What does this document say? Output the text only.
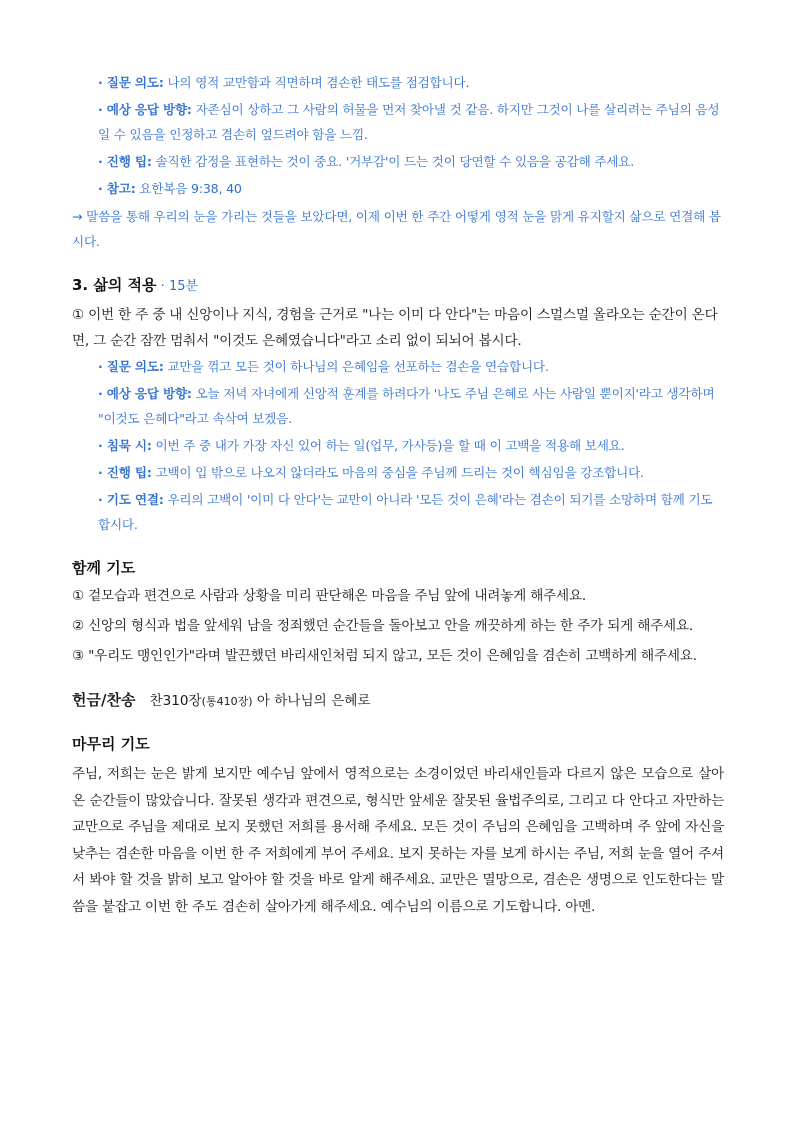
· 질문 의도: 나의 영적 교만함과 직면하며 겸손한 태도를 점검합니다.
· 예상 응답 방향: 자존심이 상하고 그 사람의 허물을 먼저 찾아낼 것 같음. 하지만 그것이 나를 살리려는 주님의 음성일 수 있음을 인정하고 겸손히 엎드려야 함을 느낌.
· 진행 팁: 솔직한 감정을 표현하는 것이 중요. '거부감'이 드는 것이 당연할 수 있음을 공감해 주세요.
· 참고: 요한복음 9:38, 40
→ 말씀을 통해 우리의 눈을 가리는 것들을 보았다면, 이제 이번 한 주간 어떻게 영적 눈을 맑게 유지할지 삶으로 연결해 봅시다.
3. 삶의 적용 · 15분
① 이번 한 주 중 내 신앙이나 지식, 경험을 근거로 "나는 이미 다 안다"는 마음이 스멀스멀 올라오는 순간이 온다면, 그 순간 잠깐 멈춰서 "이것도 은혜였습니다"라고 소리 없이 되뇌어 봅시다.
· 질문 의도: 교만을 꺾고 모든 것이 하나님의 은혜임을 선포하는 겸손을 연습합니다.
· 예상 응답 방향: 오늘 저녁 자녀에게 신앙적 훈계를 하려다가 '나도 주님 은혜로 사는 사람일 뿐이지'라고 생각하며 "이것도 은혜다"라고 속삭여 보겠음.
· 침묵 시: 이번 주 중 내가 가장 자신 있어 하는 일(업무, 가사등)을 할 때 이 고백을 적용해 보세요.
· 진행 팁: 고백이 입 밖으로 나오지 않더라도 마음의 중심을 주님께 드리는 것이 핵심임을 강조합니다.
· 기도 연결: 우리의 고백이 '이미 다 안다'는 교만이 아니라 '모든 것이 은혜'라는 겸손이 되기를 소망하며 함께 기도합시다.
함께 기도
① 겉모습과 편견으로 사람과 상황을 미리 판단해온 마음을 주님 앞에 내려놓게 해주세요.
② 신앙의 형식과 법을 앞세워 남을 정죄했던 순간들을 돌아보고 안을 깨끗하게 하는 한 주가 되게 해주세요.
③ "우리도 맹인인가"라며 발끈했던 바리새인처럼 되지 않고, 모든 것이 은혜임을 겸손히 고백하게 해주세요.
헌금/찬송 찬310장(통410장) 아 하나님의 은혜로
마무리 기도
주님, 저희는 눈은 밝게 보지만 예수님 앞에서 영적으로는 소경이었던 바리새인들과 다르지 않은 모습으로 살아온 순간들이 많았습니다. 잘못된 생각과 편견으로, 형식만 앞세운 잘못된 율법주의로, 그리고 다 안다고 자만하는 교만으로 주님을 제대로 보지 못했던 저희를 용서해 주세요. 모든 것이 주님의 은혜임을 고백하며 주 앞에 자신을 낮추는 겸손한 마음을 이번 한 주 저희에게 부어 주세요. 보지 못하는 자를 보게 하시는 주님, 저희 눈을 열어 주셔서 봐야 할 것을 밝히 보고 알아야 할 것을 바로 알게 해주세요. 교만은 멸망으로, 겸손은 생명으로 인도한다는 말씀을 붙잡고 이번 한 주도 겸손히 살아가게 해주세요. 예수님의 이름으로 기도합니다. 아멘.
